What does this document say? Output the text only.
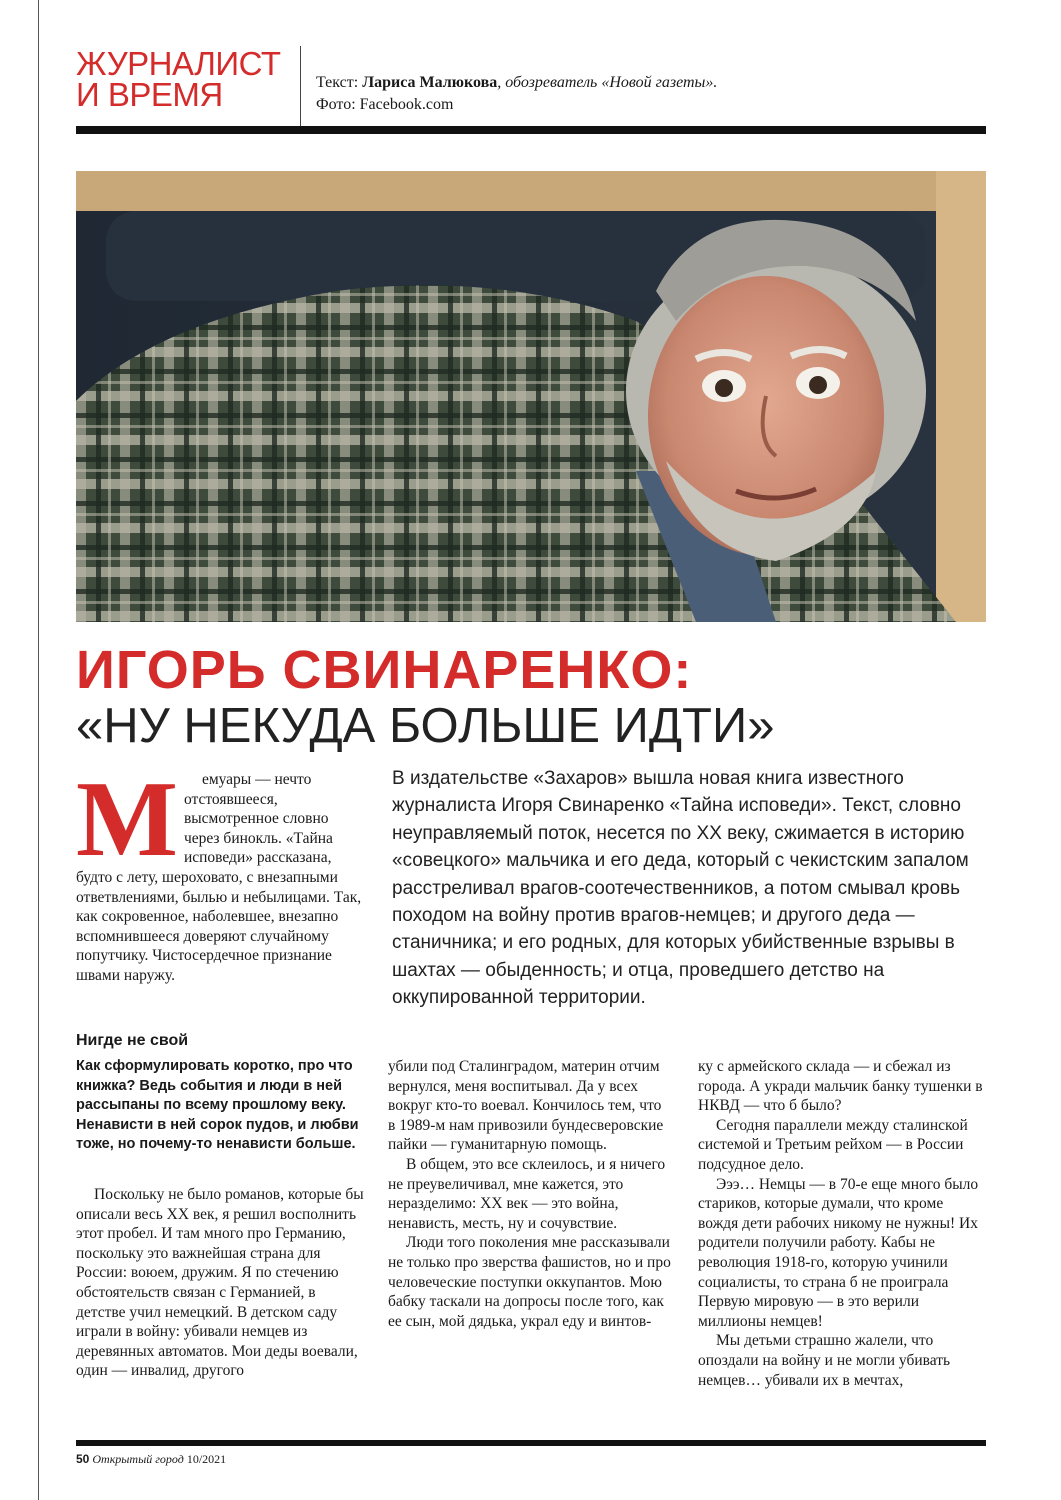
ЖУРНАЛИСТ
И ВРЕМЯ	Текст: Лариса Малюкова, обозреватель «Новой газеты».
Фото: Facebook.com
ИГОРЬ СВИНАРЕНКО:
«НУ НЕКУДА БОЛЬШЕ ИДТИ»
М	емуары — нечто отстоявшееся, высмотренное словно через бинокль. «Тайна исповеди» рассказана, будто с лету, шероховато, с внезапными ответвлениями, былью и небылицами. Так, как сокровенное, наболевшее, внезапно вспомнившееся доверяют случайному попутчику. Чистосердечное признание швами наружу.

В издательстве «Захаров» вышла новая книга известного журналиста Игоря Свинаренко «Тайна исповеди». Текст, словно неуправляемый поток, несется по XX веку, сжимается в историю «совецкого» мальчика и его деда, который с чекистским запалом расстреливал врагов-соотечественников, а потом смывал кровь походом на войну против врагов-немцев; и другого деда — станичника; и его родных, для которых убийственные взрывы в шахтах — обыденность; и отца, проведшего детство на оккупированной территории.
Нигде не свой
Как сформулировать коротко, про что книжка? Ведь события и люди в ней рассыпаны по всему прошлому веку. Ненависти в ней сорок пудов, и любви тоже, но почему-то ненависти больше.

Поскольку не было романов, которые бы описали весь XX век, я решил восполнить этот пробел. И там много про Германию, поскольку это важнейшая страна для России: воюем, дружим. Я по стечению обстоятельств связан с Германией, в детстве учил немецкий. В детском саду играли в войну: убивали немцев из деревянных автоматов. Мои деды воевали, один — инвалид, другого

убили под Сталинградом, материн отчим вернулся, меня воспитывал. Да у всех вокруг кто-то воевал. Кончилось тем, что в 1989-м нам привозили бундесверовские пайки — гуманитарную помощь.

В общем, это все склеилось, и я ничего не преувеличивал, мне кажется, это неразделимо: XX век — это война, ненависть, месть, ну и сочувствие.

Люди того поколения мне рассказывали не только про зверства фашистов, но и про человеческие поступки оккупантов. Мою бабку таскали на допросы после того, как ее сын, мой дядька, украл еду и винтов-

ку с армейского склада — и сбежал из города. А укради мальчик банку тушенки в НКВД — что б было?

Сегодня параллели между сталинской системой и Третьим рейхом — в России подсудное дело.

Эээ… Немцы — в 70-е еще много было стариков, которые думали, что кроме вождя дети рабочих никому не нужны! Их родители получили работу. Кабы не революция 1918-го, которую учинили социалисты, то страна б не проиграла Первую мировую — в это верили миллионы немцев!

Мы детьми страшно жалели, что опоздали на войну и не могли убивать немцев… убивали их в мечтах,

50 Открытый город 10/2021
